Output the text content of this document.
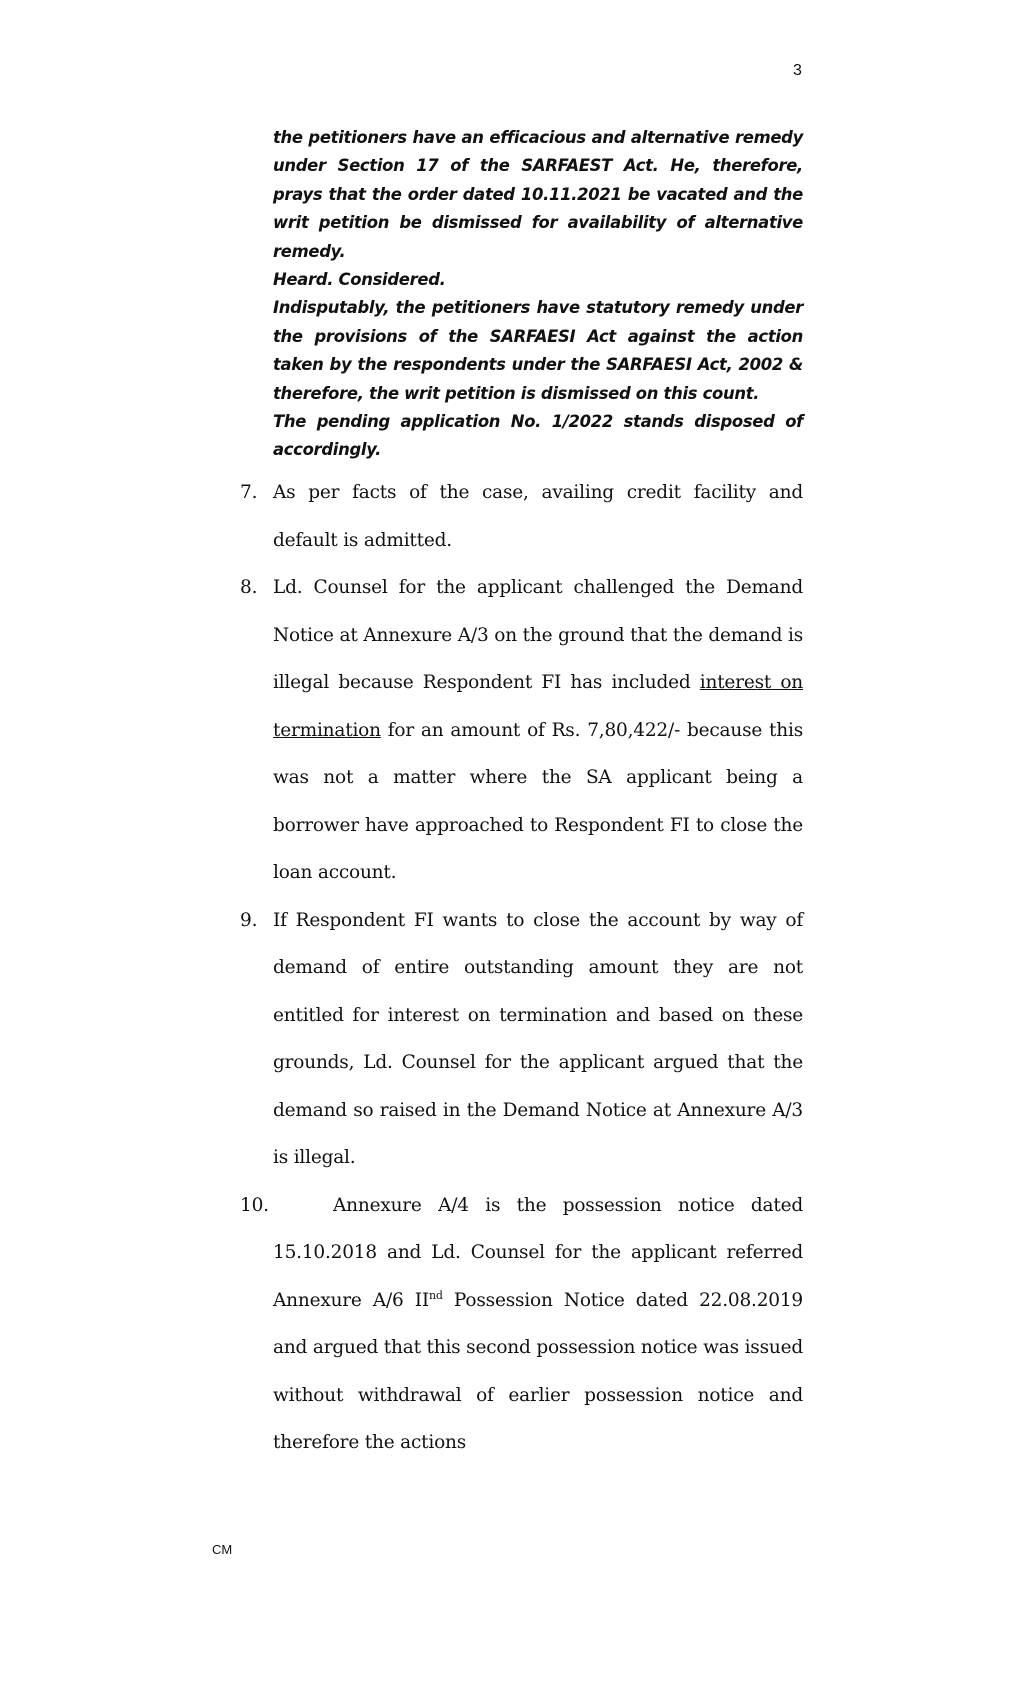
3

the petitioners have an efficacious and alternative remedy under Section 17 of the SARFAEST Act. He, therefore, prays that the order dated 10.11.2021 be vacated and the writ petition be dismissed for availability of alternative remedy.

Heard. Considered.

Indisputably, the petitioners have statutory remedy under the provisions of the SARFAESI Act against the action taken by the respondents under the SARFAESI Act, 2002 & therefore, the writ petition is dismissed on this count.

The pending application No. 1/2022 stands disposed of accordingly.

7. As per facts of the case, availing credit facility and default is admitted.
8. Ld. Counsel for the applicant challenged the Demand Notice at Annexure A/3 on the ground that the demand is illegal because Respondent FI has included interest on termination for an amount of Rs. 7,80,422/- because this was not a matter where the SA applicant being a borrower have approached to Respondent FI to close the loan account.
9. If Respondent FI wants to close the account by way of demand of entire outstanding amount they are not entitled for interest on termination and based on these grounds, Ld. Counsel for the applicant argued that the demand so raised in the Demand Notice at Annexure A/3 is illegal.
10.	Annexure A/4 is the possession notice dated 15.10.2018 and Ld. Counsel for the applicant referred Annexure A/6 IInd Possession Notice dated 22.08.2019 and argued that this second possession notice was issued without withdrawal of earlier possession notice and therefore the actions
CM
